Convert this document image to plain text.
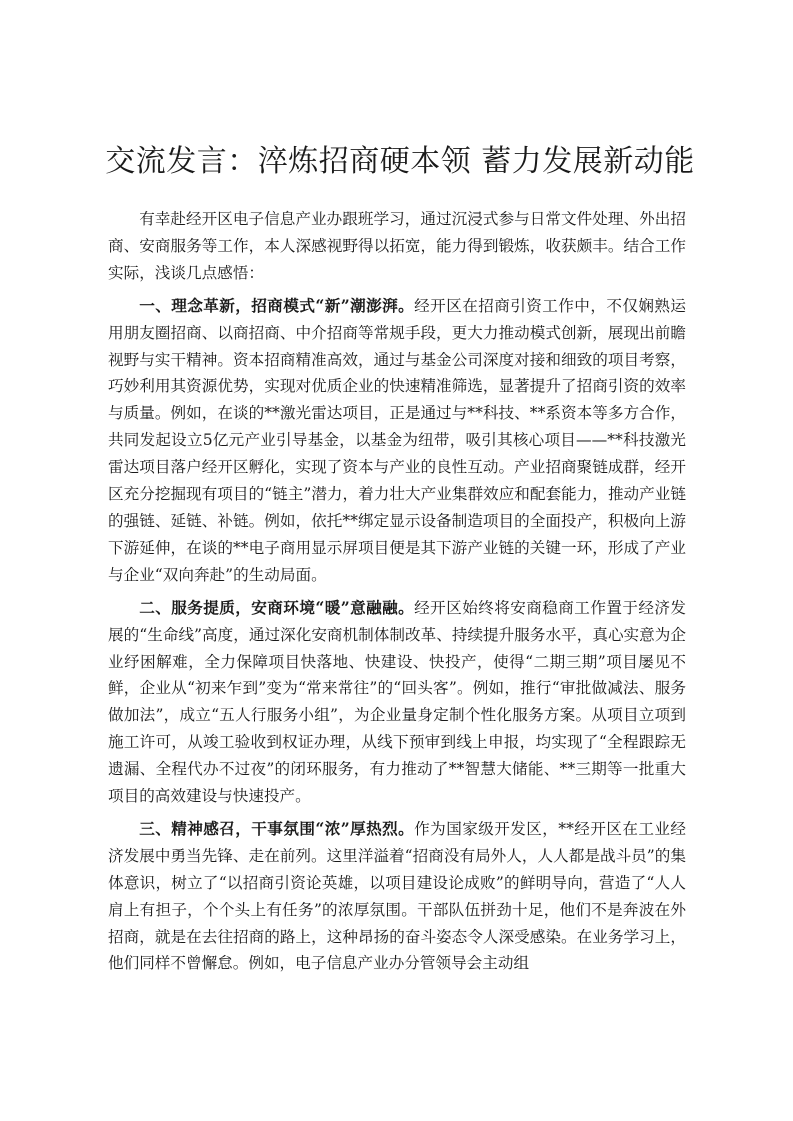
交流发言：淬炼招商硬本领 蓄力发展新动能

有幸赴经开区电子信息产业办跟班学习，通过沉浸式参与日常文件处理、外出招商、安商服务等工作，本人深感视野得以拓宽，能力得到锻炼，收获颇丰。结合工作实际，浅谈几点感悟：

一、理念革新，招商模式“新”潮澎湃。经开区在招商引资工作中，不仅娴熟运用朋友圈招商、以商招商、中介招商等常规手段，更大力推动模式创新，展现出前瞻视野与实干精神。资本招商精准高效，通过与基金公司深度对接和细致的项目考察，巧妙利用其资源优势，实现对优质企业的快速精准筛选，显著提升了招商引资的效率与质量。例如，在谈的**激光雷达项目，正是通过与**科技、**系资本等多方合作，共同发起设立5亿元产业引导基金，以基金为纽带，吸引其核心项目——**科技激光雷达项目落户经开区孵化，实现了资本与产业的良性互动。产业招商聚链成群，经开区充分挖掘现有项目的“链主”潜力，着力壮大产业集群效应和配套能力，推动产业链的强链、延链、补链。例如，依托**绑定显示设备制造项目的全面投产，积极向上游下游延伸，在谈的**电子商用显示屏项目便是其下游产业链的关键一环，形成了产业与企业“双向奔赴”的生动局面。

二、服务提质，安商环境“暖”意融融。经开区始终将安商稳商工作置于经济发展的“生命线”高度，通过深化安商机制体制改革、持续提升服务水平，真心实意为企业纾困解难，全力保障项目快落地、快建设、快投产，使得“二期三期”项目屡见不鲜，企业从“初来乍到”变为“常来常往”的“回头客”。例如，推行“审批做减法、服务做加法”，成立“五人行服务小组”，为企业量身定制个性化服务方案。从项目立项到施工许可，从竣工验收到权证办理，从线下预审到线上申报，均实现了“全程跟踪无遗漏、全程代办不过夜”的闭环服务，有力推动了**智慧大储能、**三期等一批重大项目的高效建设与快速投产。

三、精神感召，干事氛围“浓”厚热烈。作为国家级开发区，**经开区在工业经济发展中勇当先锋、走在前列。这里洋溢着“招商没有局外人，人人都是战斗员”的集体意识，树立了“以招商引资论英雄，以项目建设论成败”的鲜明导向，营造了“人人肩上有担子，个个头上有任务”的浓厚氛围。干部队伍拼劲十足，他们不是奔波在外招商，就是在去往招商的路上，这种昂扬的奋斗姿态令人深受感染。在业务学习上，他们同样不曾懈怠。例如，电子信息产业办分管领导会主动组
